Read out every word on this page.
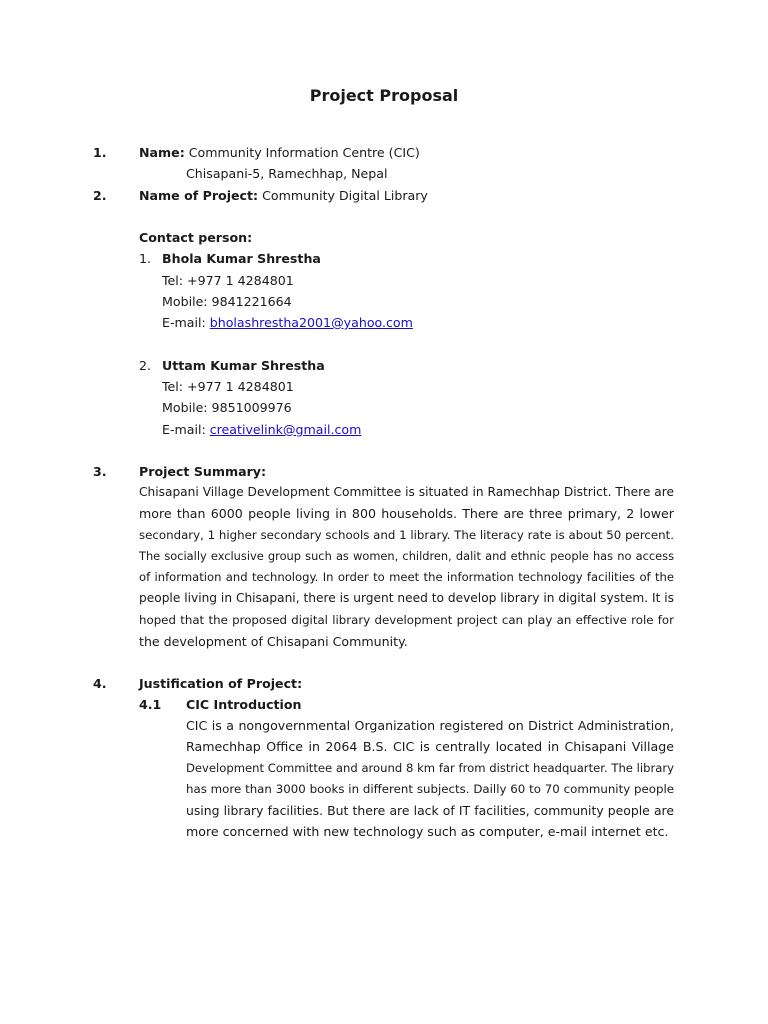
Project Proposal
1.	Name: Community Information Centre (CIC)
Chisapani-5, Ramechhap, Nepal
2.	Name of Project: Community Digital Library
Contact person:
1. Bhola Kumar Shrestha
Tel: +977 1 4284801
Mobile: 9841221664
E-mail: bholashrestha2001@yahoo.com
2. Uttam Kumar Shrestha
Tel: +977 1 4284801
Mobile: 9851009976
E-mail: creativelink@gmail.com
3.	Project Summary:
Chisapani Village Development Committee is situated in Ramechhap District. There are
more than 6000 people living in 800 households. There are three primary, 2 lower
secondary, 1 higher secondary schools and 1 library. The literacy rate is about 50 percent.
The socially exclusive group such as women, children, dalit and ethnic people has no access
of information and technology. In order to meet the information technology facilities of the
people living in Chisapani, there is urgent need to develop library in digital system. It is
hoped that the proposed digital library development project can play an effective role for
the development of Chisapani Community.
4.	Justification of Project:
4.1 CIC Introduction
CIC is a nongovernmental Organization registered on District Administration,
Ramechhap Office in 2064 B.S. CIC is centrally located in Chisapani Village
Development Committee and around 8 km far from district headquarter. The library
has more than 3000 books in different subjects. Dailly 60 to 70 community people
using library facilities. But there are lack of IT facilities, community people are
more concerned with new technology such as computer, e-mail internet etc.
